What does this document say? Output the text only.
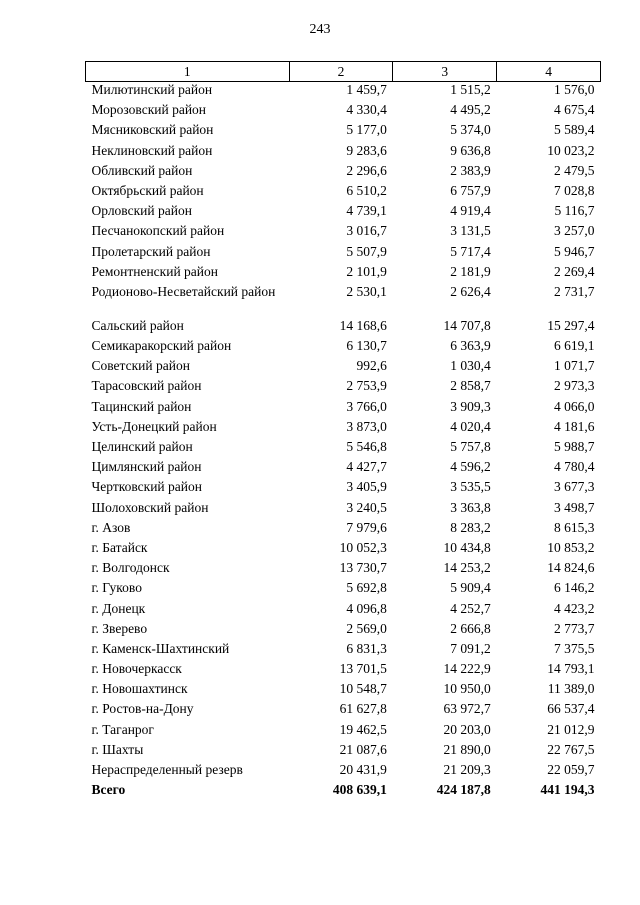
243
1	2	3	4
Милютинский район	1 459,7	1 515,2	1 576,0
Морозовский район	4 330,4	4 495,2	4 675,4
Мясниковский район	5 177,0	5 374,0	5 589,4
Неклиновский район	9 283,6	9 636,8	10 023,2
Обливский район	2 296,6	2 383,9	2 479,5
Октябрьский район	6 510,2	6 757,9	7 028,8
Орловский район	4 739,1	4 919,4	5 116,7
Песчанокопский район	3 016,7	3 131,5	3 257,0
Пролетарский район	5 507,9	5 717,4	5 946,7
Ремонтненский район	2 101,9	2 181,9	2 269,4
Родионово-Несветайский район	2 530,1	2 626,4	2 731,7
Сальский район	14 168,6	14 707,8	15 297,4
Семикаракорский район	6 130,7	6 363,9	6 619,1
Советский район	992,6	1 030,4	1 071,7
Тарасовский район	2 753,9	2 858,7	2 973,3
Тацинский район	3 766,0	3 909,3	4 066,0
Усть-Донецкий район	3 873,0	4 020,4	4 181,6
Целинский район	5 546,8	5 757,8	5 988,7
Цимлянский район	4 427,7	4 596,2	4 780,4
Чертковский район	3 405,9	3 535,5	3 677,3
Шолоховский район	3 240,5	3 363,8	3 498,7
г. Азов	7 979,6	8 283,2	8 615,3
г. Батайск	10 052,3	10 434,8	10 853,2
г. Волгодонск	13 730,7	14 253,2	14 824,6
г. Гуково	5 692,8	5 909,4	6 146,2
г. Донецк	4 096,8	4 252,7	4 423,2
г. Зверево	2 569,0	2 666,8	2 773,7
г. Каменск-Шахтинский	6 831,3	7 091,2	7 375,5
г. Новочеркасск	13 701,5	14 222,9	14 793,1
г. Новошахтинск	10 548,7	10 950,0	11 389,0
г. Ростов-на-Дону	61 627,8	63 972,7	66 537,4
г. Таганрог	19 462,5	20 203,0	21 012,9
г. Шахты	21 087,6	21 890,0	22 767,5
Нераспределенный резерв	20 431,9	21 209,3	22 059,7
Всего	408 639,1	424 187,8	441 194,3
